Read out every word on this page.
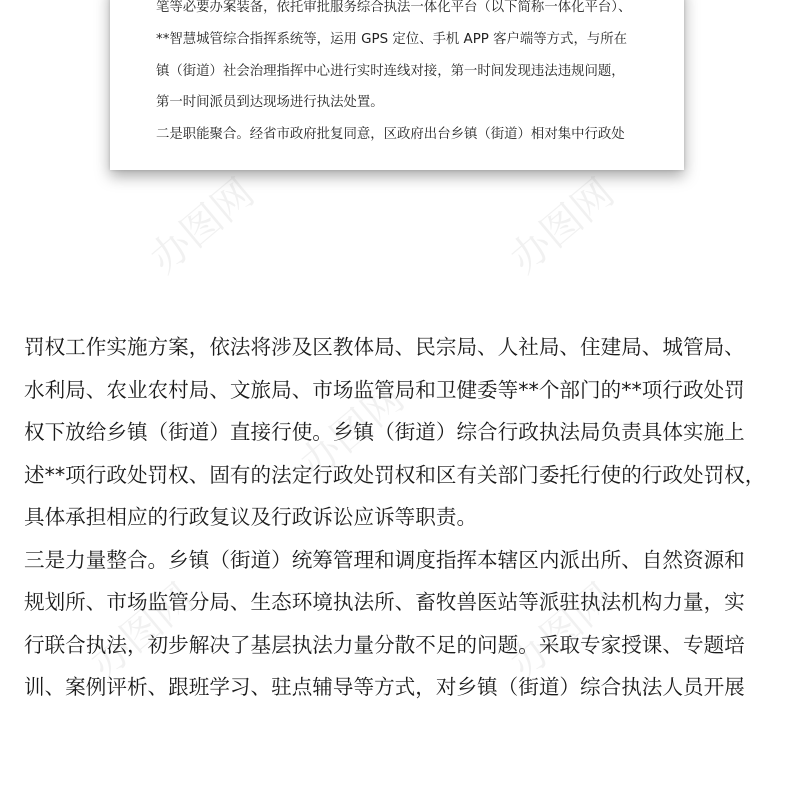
笔等必要办案装备，依托审批服务综合执法一体化平台（以下简称一体化平台）、

**智慧城管综合指挥系统等，运用 GPS 定位、手机 APP 客户端等方式，与所在

镇（街道）社会治理指挥中心进行实时连线对接，第一时间发现违法违规问题，

第一时间派员到达现场进行执法处置。

二是职能聚合。经省市政府批复同意，区政府出台乡镇（街道）相对集中行政处

办图网	办图网
办图网
办图网	办图网

罚权工作实施方案，依法将涉及区教体局、民宗局、人社局、住建局、城管局、

水利局、农业农村局、文旅局、市场监管局和卫健委等**个部门的**项行政处罚

权下放给乡镇（街道）直接行使。乡镇（街道）综合行政执法局负责具体实施上

述**项行政处罚权、固有的法定行政处罚权和区有关部门委托行使的行政处罚权，

具体承担相应的行政复议及行政诉讼应诉等职责。

三是力量整合。乡镇（街道）统筹管理和调度指挥本辖区内派出所、自然资源和

规划所、市场监管分局、生态环境执法所、畜牧兽医站等派驻执法机构力量，实

行联合执法，初步解决了基层执法力量分散不足的问题。采取专家授课、专题培

训、案例评析、跟班学习、驻点辅导等方式，对乡镇（街道）综合执法人员开展
